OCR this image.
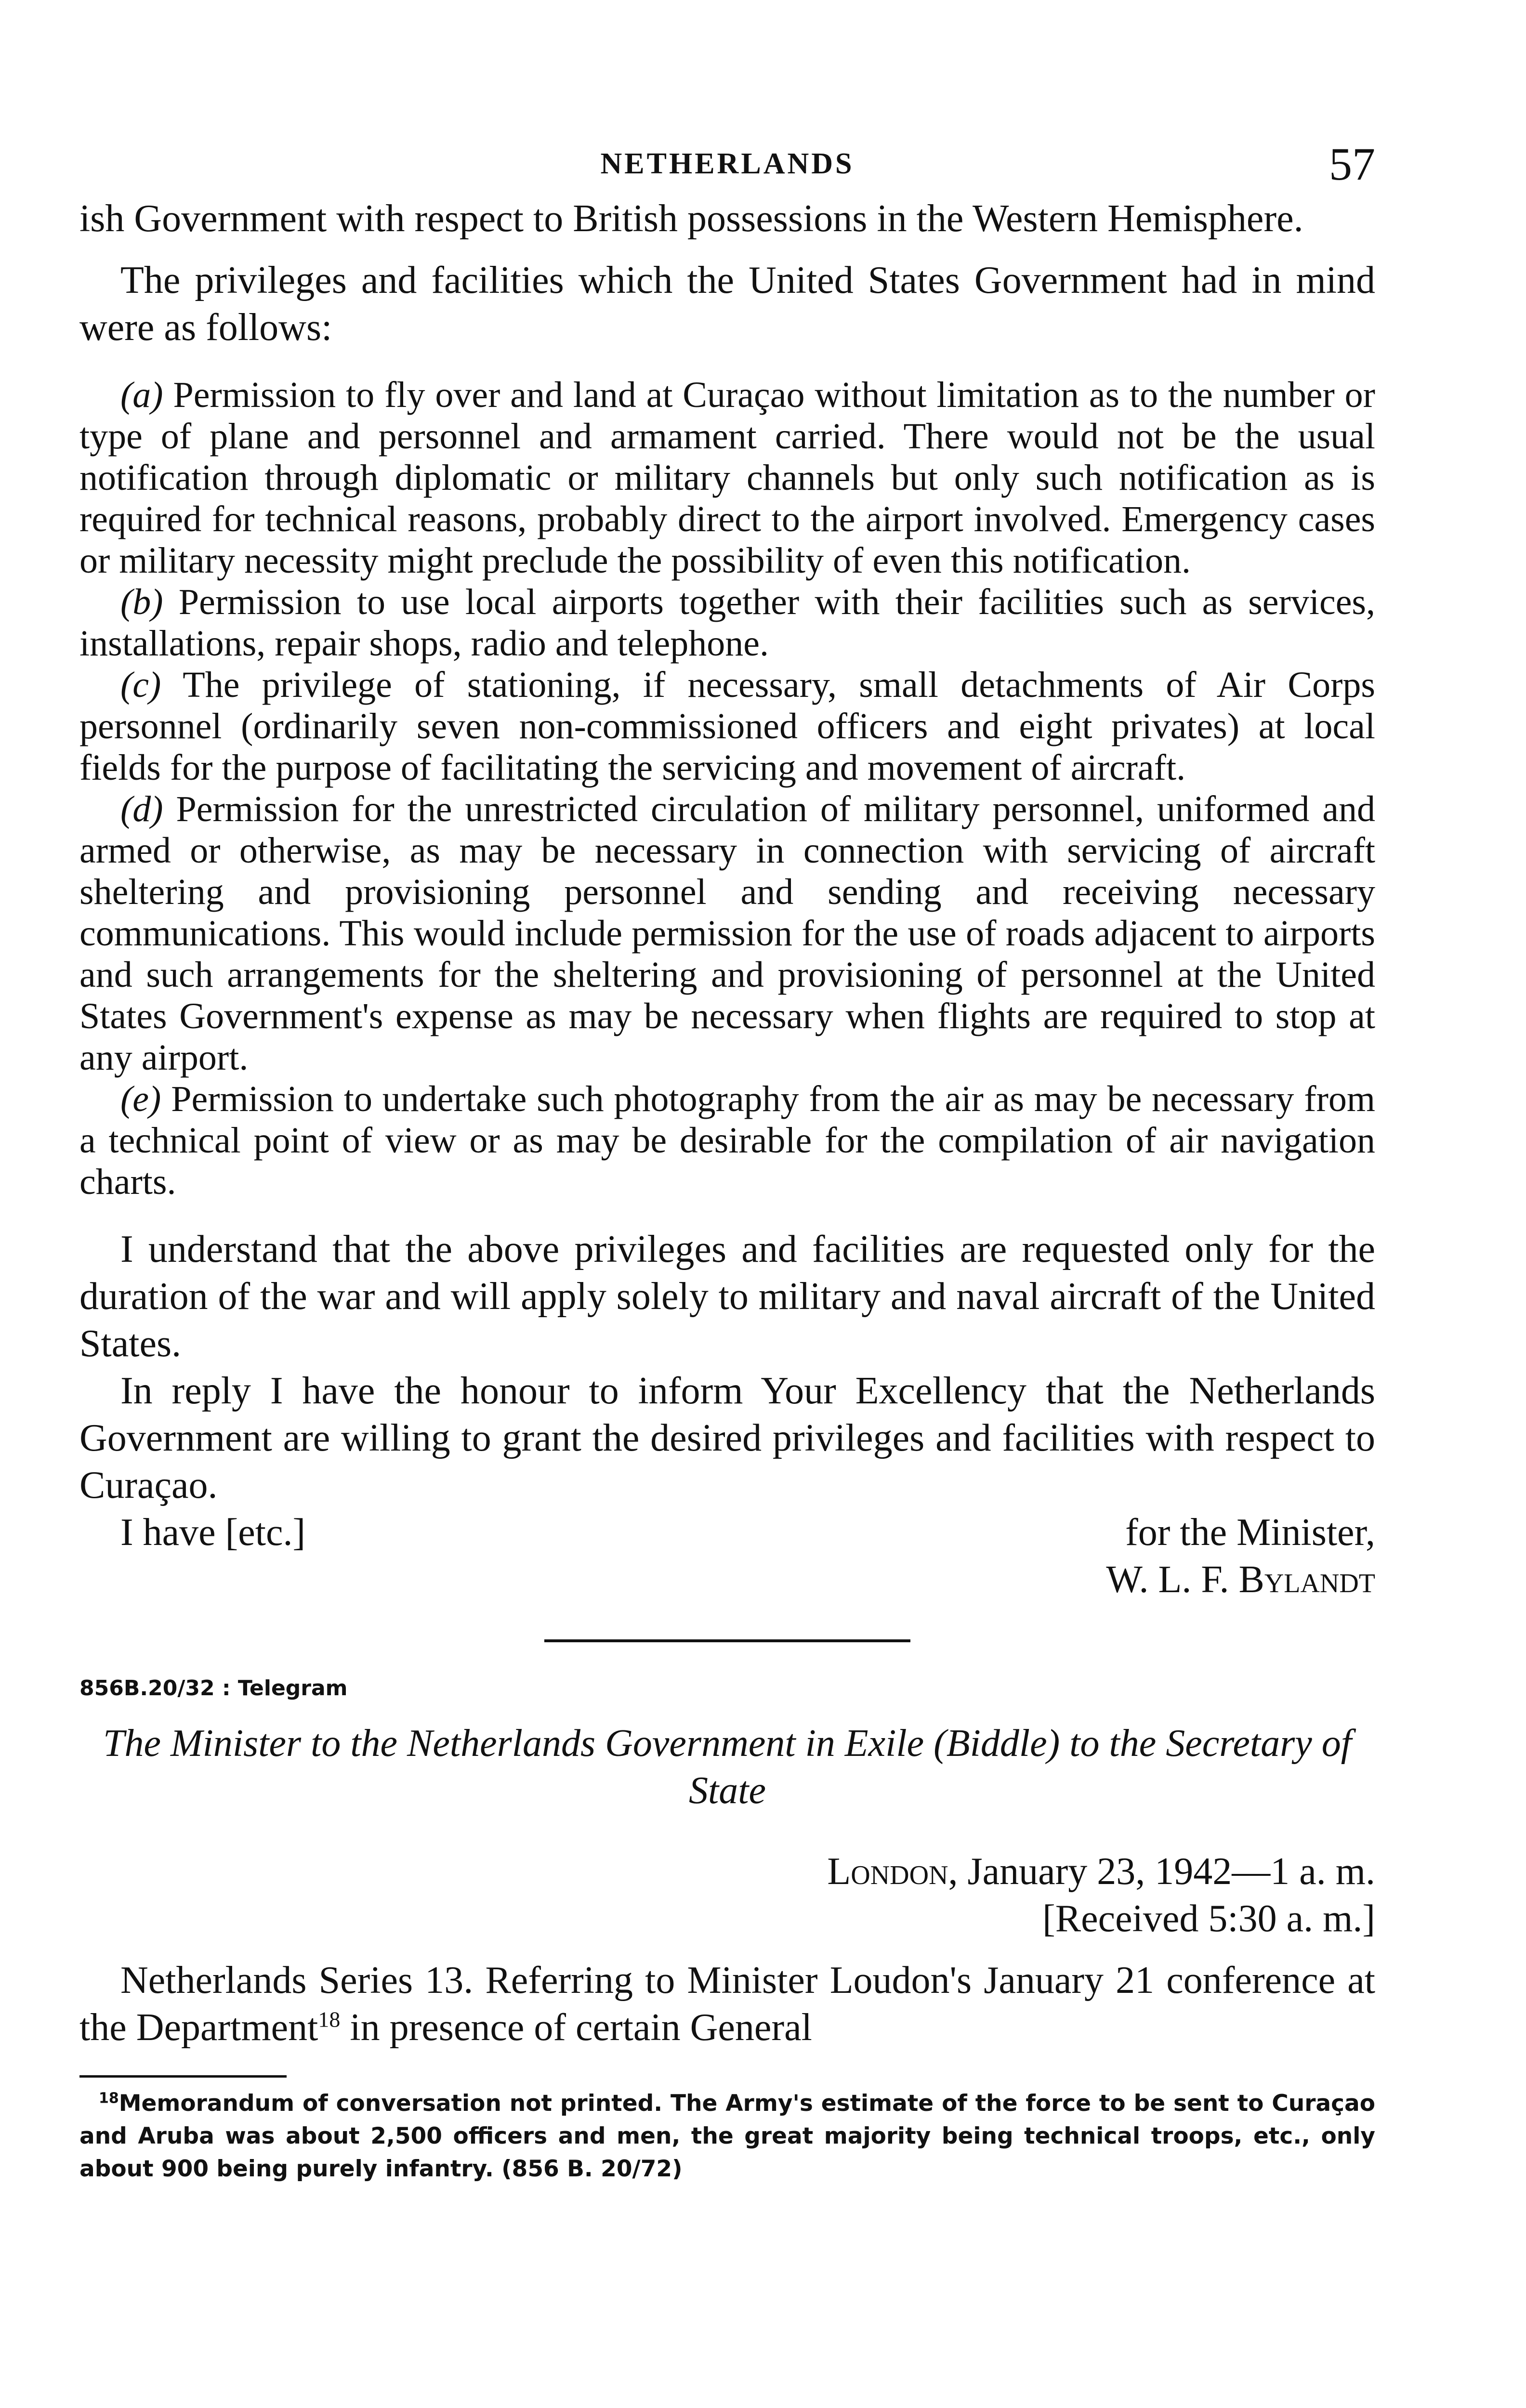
NETHERLANDS	57

ish Government with respect to British possessions in the Western Hemisphere.

The privileges and facilities which the United States Government had in mind were as follows:

(a) Permission to fly over and land at Curaçao without limitation as to the number or type of plane and personnel and armament carried. There would not be the usual notification through diplomatic or military channels but only such notification as is required for technical reasons, probably direct to the airport involved. Emergency cases or military necessity might preclude the possibility of even this notification.

(b) Permission to use local airports together with their facilities such as services, installations, repair shops, radio and telephone.

(c) The privilege of stationing, if necessary, small detachments of Air Corps personnel (ordinarily seven non-commissioned officers and eight privates) at local fields for the purpose of facilitating the servicing and movement of aircraft.

(d) Permission for the unrestricted circulation of military personnel, uniformed and armed or otherwise, as may be necessary in connection with servicing of aircraft sheltering and provisioning personnel and sending and receiving necessary communications. This would include permission for the use of roads adjacent to airports and such arrangements for the sheltering and provisioning of personnel at the United States Government's expense as may be necessary when flights are required to stop at any airport.

(e) Permission to undertake such photography from the air as may be necessary from a technical point of view or as may be desirable for the compilation of air navigation charts.

I understand that the above privileges and facilities are requested only for the duration of the war and will apply solely to military and naval aircraft of the United States.

In reply I have the honour to inform Your Excellency that the Netherlands Government are willing to grant the desired privileges and facilities with respect to Curaçao.

I have [etc.]	for the Minister,

W. L. F. Bylandt

856B.20/32 : Telegram

The Minister to the Netherlands Government in Exile (Biddle) to the Secretary of State

London, January 23, 1942—1 a. m.

[Received 5:30 a. m.]

Netherlands Series 13. Referring to Minister Loudon's January 21 conference at the Department$^{18}$ in presence of certain General

$^{18}$Memorandum of conversation not printed. The Army's estimate of the force to be sent to Curaçao and Aruba was about 2,500 officers and men, the great majority being technical troops, etc., only about 900 being purely infantry. (856 B. 20/72)
